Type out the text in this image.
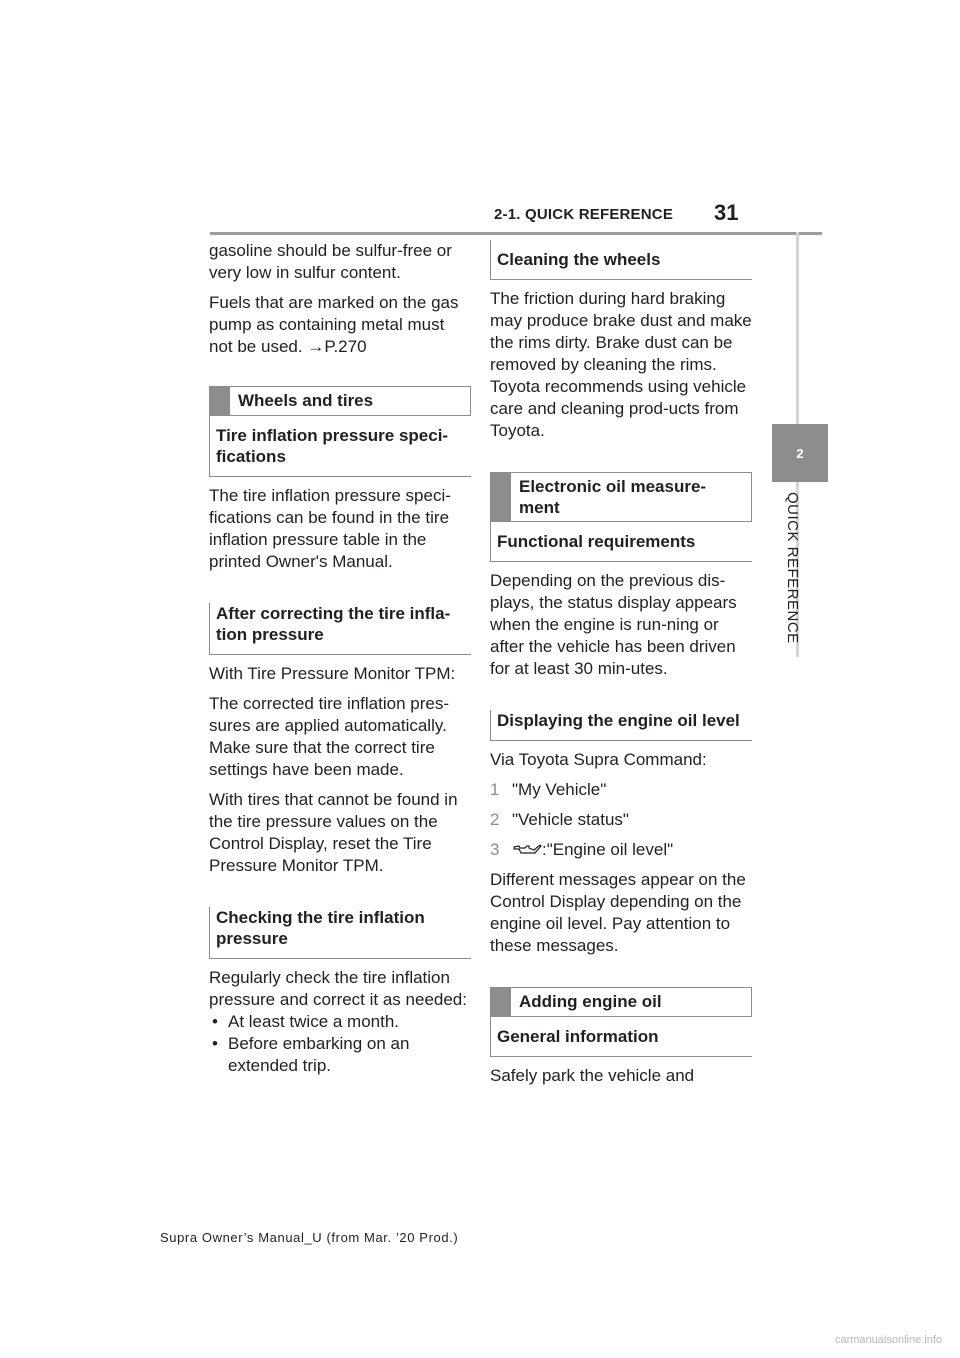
2-1. QUICK REFERENCE	31
2
QUICK REFERENCE

gasoline should be sulfur-free or very low in sulfur content.

Fuels that are marked on the gas pump as containing metal must not be used. →P.270

Wheels and tires
Tire inflation pressure speci-fications

The tire inflation pressure speci-fications can be found in the tire inflation pressure table in the printed Owner's Manual.

After correcting the tire infla-tion pressure

With Tire Pressure Monitor TPM:

The corrected tire inflation pres-sures are applied automatically. Make sure that the correct tire settings have been made.

With tires that cannot be found in the tire pressure values on the Control Display, reset the Tire Pressure Monitor TPM.

Checking the tire inflation pressure

Regularly check the tire inflation pressure and correct it as needed:

• At least twice a month.
• Before embarking on an extended trip.
Cleaning the wheels

The friction during hard braking may produce brake dust and make the rims dirty. Brake dust can be removed by cleaning the rims. Toyota recommends using vehicle care and cleaning prod-ucts from Toyota.

Electronic oil measure-ment
Functional requirements

Depending on the previous dis-plays, the status display appears when the engine is run-ning or after the vehicle has been driven for at least 30 min-utes.

Displaying the engine oil level

Via Toyota Supra Command:

1 "My Vehicle"
2 "Vehicle status"
3	:"Engine oil level"

Different messages appear on the Control Display depending on the engine oil level. Pay attention to these messages.

Adding engine oil
General information

Safely park the vehicle and

Supra Owner’s Manual_U (from Mar. ’20 Prod.)
carmanualsonline.info
